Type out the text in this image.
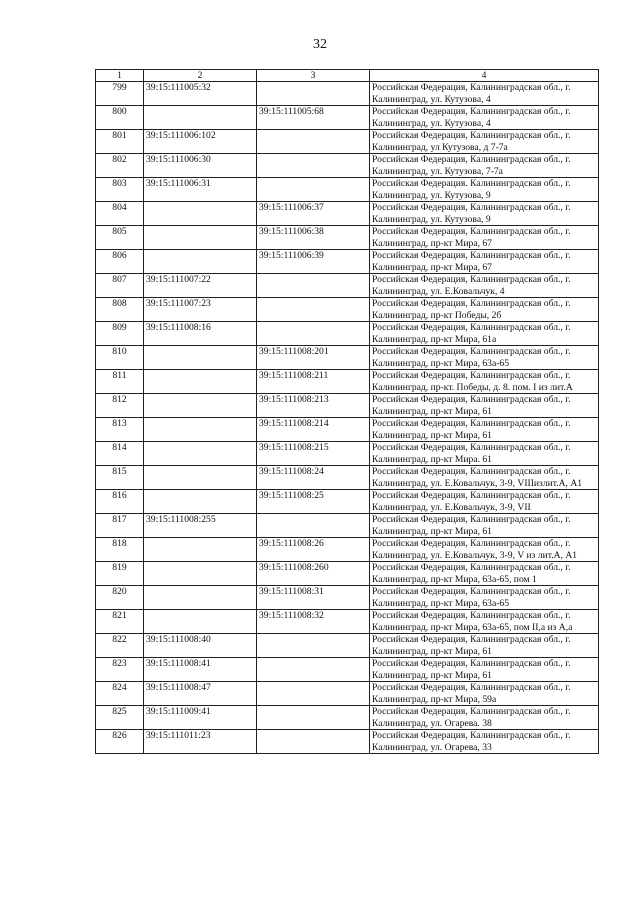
32
1	2	3	4
799	39:15:111005:32		Российская Федерация, Калининградская обл., г. Калининград, ул. Кутузова, 4
800		39:15:111005:68	Российская Федерация, Калининградская обл., г. Калининград, ул. Кутузова, 4
801	39:15:111006:102		Российская Федерация, Калининградская обл., г. Калининград, ул Кутузова, д 7-7а
802	39:15:111006:30		Российская Федерация, Калининградская обл., г. Калининград, ул. Кутузова, 7-7а
803	39:15:111006:31		Российская Федерация. Калининградская обл., г. Калининград, ул. Кутузова, 9
804		39:15:111006:37	Российская Федерация, Калининградская обл., г. Калининград, ул. Кутузова, 9
805		39:15:111006:38	Российская Федерация, Калининградская обл., г. Калининград, пр-кт Мира, 67
806		39:15:111006:39	Российская Федерация, Калининградская обл., г. Калининград, пр-кт Мира, 67
807	39:15:111007:22		Российская Федерация, Калининградская обл., г. Калининград, ул. Е.Ковальчук, 4
808	39:15:111007:23		Российская Федерация, Калининградская обл., г. Калининград, пр-кт Победы, 2б
809	39:15:111008:16		Российская Федерация, Калининградская обл., г. Калининград, пр-кт Мира, 61а
810		39:15:111008:201	Российская Федерация, Калининградская обл., г. Калининград, пр-кт Мира, 63а-65
811		39:15:111008:211	Российская Федерация, Калининградская обл., г. Калининград, пр-кт. Победы, д. 8. пом. I из лит.А
812		39:15:111008:213	Российская Федерация, Калининградская обл., г. Калининград, пр-кт Мира, 61
813		39:15:111008:214	Российская Федерация, Калининградская обл., г. Калининград, пр-кт Мира, 61
814		39:15:111008:215	Российская Федерация, Калининградская обл., г. Калининград, пр-кт Мира. 61
815		39:15:111008:24	Российская Федерация, Калининградская обл., г. Калининград, ул. Е.Ковальчук, 3-9, VIIIизлит.А, А1
816		39:15:111008:25	Российская Федерация, Калининградская обл., г. Калининград, ул. Е.Ковальчук, 3-9, VII
817	39:15:111008:255		Российская Федерация, Калининградская обл., г. Калининград, пр-кт Мира, 61
818		39:15:111008:26	Российская Федерация, Калининградская обл., г. Калининград, ул. Е.Ковальчук, 3-9, V из лит.А, А1
819		39:15:111008:260	Российская Федерация, Калининградская обл., г. Калининград, пр-кт Мира, 63а-65, пом 1
820		39:15:111008:31	Российская Федерация, Калининградская обл., г. Калининград, пр-кт Мира, 63а-65
821		39:15:111008:32	Российская Федерация, Калининградская обл., г. Калининград, пр-кт Мира, 63а-65, пом II,а из А,а
822	39:15:111008:40		Российская Федерация, Калининградская обл., г. Калининград, пр-кт Мира, 61
823	39:15:111008:41		Российская Федерация, Калининградская обл., г. Калининград, пр-кт Мира, 61
824	39:15:111008:47		Российская Федерация, Калининградская обл., г. Калининград, пр-кт Мира, 59а
825	39:15:111009:41		Российская Федерация, Калининградская обл., г. Калининград, ул. Огарева. 38
826	39:15:111011:23		Российская Федерация, Калининградская обл., г. Калининград, ул. Огарева, 33
